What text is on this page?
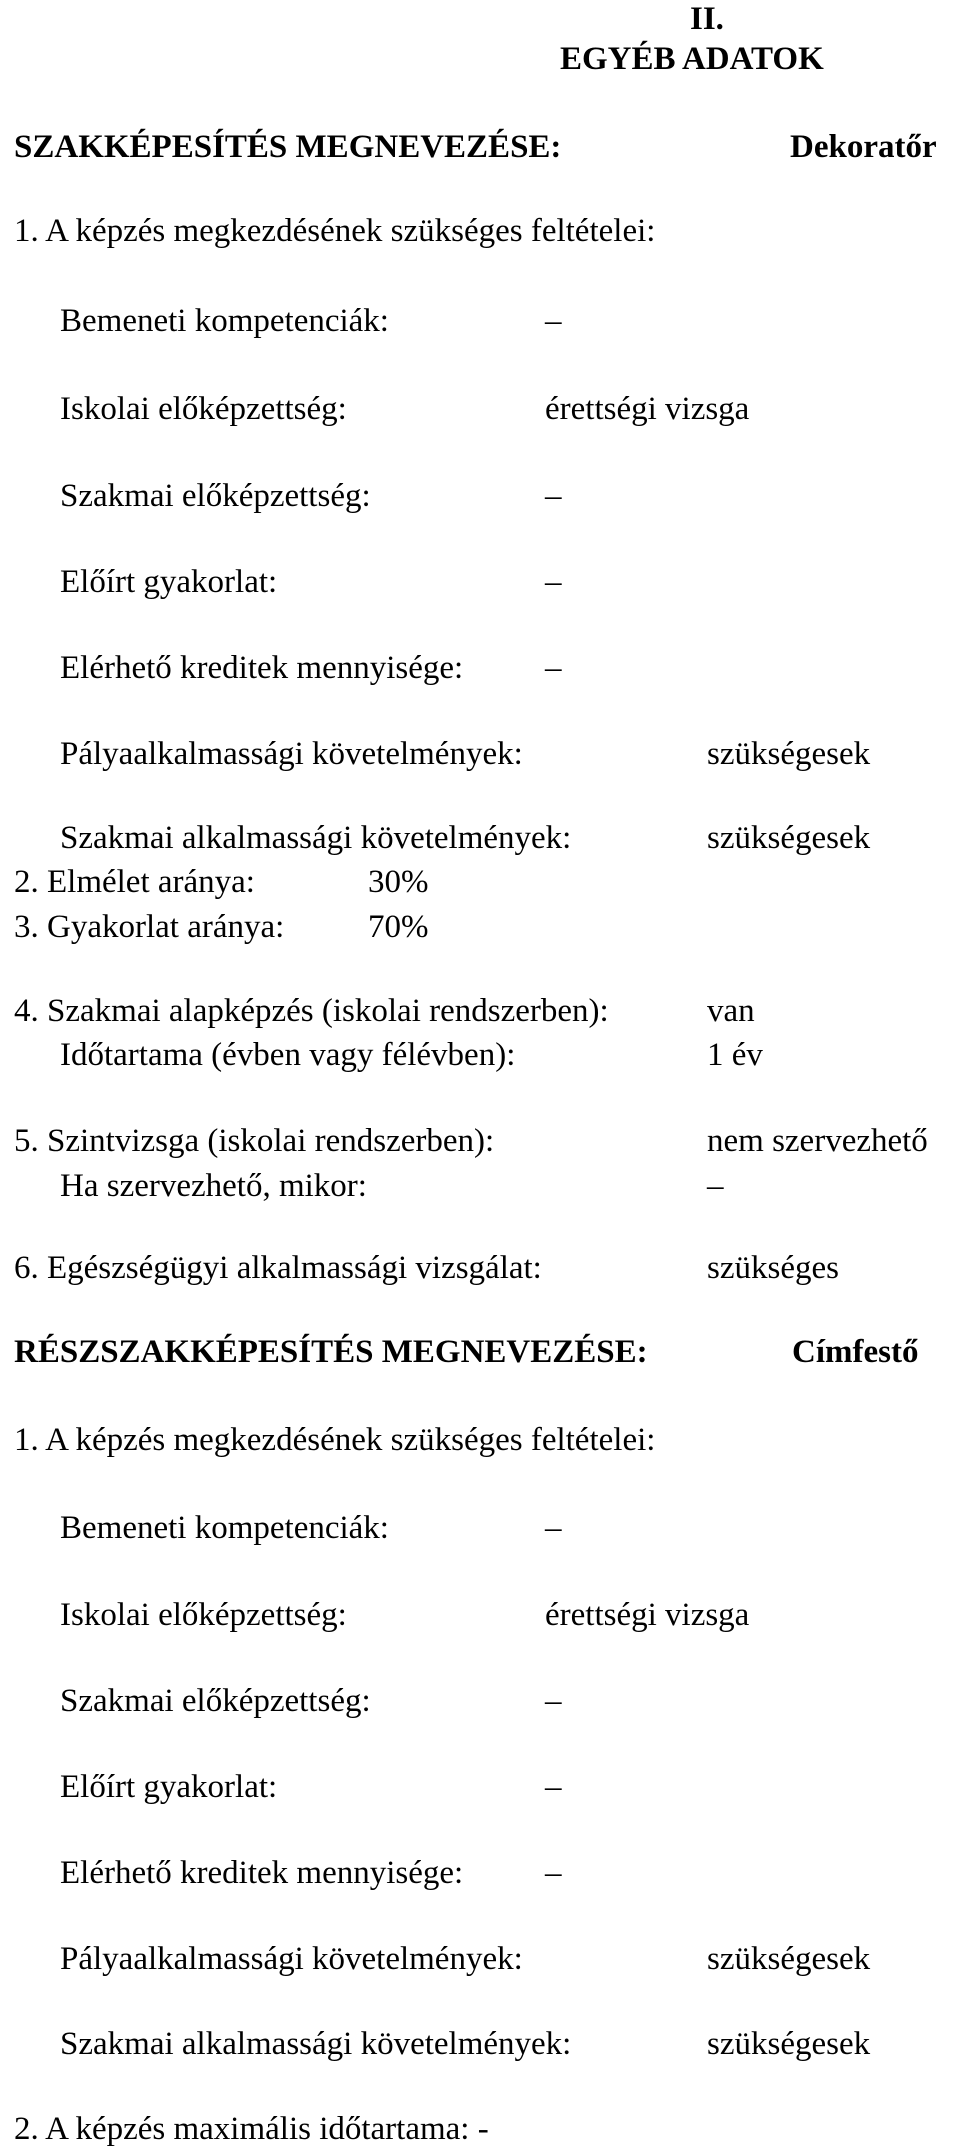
II.
EGYÉB ADATOK
SZAKKÉPESÍTÉS MEGNEVEZÉSE:	Dekoratőr
1. A képzés megkezdésének szükséges feltételei:
Bemeneti kompetenciák:	–
Iskolai előképzettség:	érettségi vizsga
Szakmai előképzettség:	–
Előírt gyakorlat:	–
Elérhető kreditek mennyisége: –
Pályaalkalmassági követelmények:	szükségesek
Szakmai alkalmassági követelmények:	szükségesek
2. Elmélet aránya:	30%
3. Gyakorlat aránya:	70%
4. Szakmai alapképzés (iskolai rendszerben):	van
Időtartama (évben vagy félévben):	1 év
5. Szintvizsga (iskolai rendszerben):	nem szervezhető
Ha szervezhető, mikor:	–
6. Egészségügyi alkalmassági vizsgálat:	szükséges
RÉSZSZAKKÉPESÍTÉS MEGNEVEZÉSE:	Címfestő
1. A képzés megkezdésének szükséges feltételei:
Bemeneti kompetenciák:	–
Iskolai előképzettség:	érettségi vizsga
Szakmai előképzettség:	–
Előírt gyakorlat:	–
Elérhető kreditek mennyisége: –
Pályaalkalmassági követelmények:	szükségesek
Szakmai alkalmassági követelmények:	szükségesek
2. A képzés maximális időtartama: -
